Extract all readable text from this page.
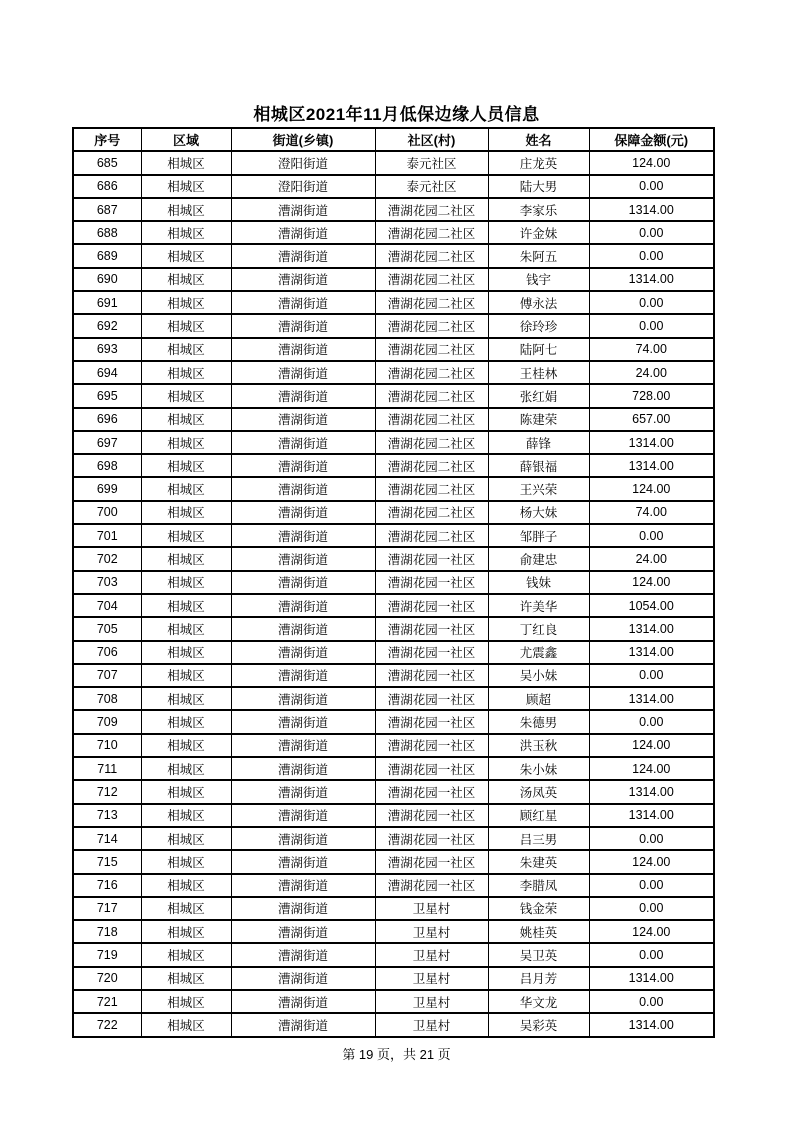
相城区2021年11月低保边缘人员信息
序号	区域	街道(乡镇)	社区(村)	姓名	保障金额(元)
685	相城区	澄阳街道	泰元社区	庄龙英	124.00
686	相城区	澄阳街道	泰元社区	陆大男	0.00
687	相城区	漕湖街道	漕湖花园二社区	李家乐	1314.00
688	相城区	漕湖街道	漕湖花园二社区	许金妹	0.00
689	相城区	漕湖街道	漕湖花园二社区	朱阿五	0.00
690	相城区	漕湖街道	漕湖花园二社区	钱宇	1314.00
691	相城区	漕湖街道	漕湖花园二社区	傅永法	0.00
692	相城区	漕湖街道	漕湖花园二社区	徐玲珍	0.00
693	相城区	漕湖街道	漕湖花园二社区	陆阿七	74.00
694	相城区	漕湖街道	漕湖花园二社区	王桂林	24.00
695	相城区	漕湖街道	漕湖花园二社区	张红娟	728.00
696	相城区	漕湖街道	漕湖花园二社区	陈建荣	657.00
697	相城区	漕湖街道	漕湖花园二社区	薛锋	1314.00
698	相城区	漕湖街道	漕湖花园二社区	薛银福	1314.00
699	相城区	漕湖街道	漕湖花园二社区	王兴荣	124.00
700	相城区	漕湖街道	漕湖花园二社区	杨大妹	74.00
701	相城区	漕湖街道	漕湖花园二社区	邹胖子	0.00
702	相城区	漕湖街道	漕湖花园一社区	俞建忠	24.00
703	相城区	漕湖街道	漕湖花园一社区	钱妹	124.00
704	相城区	漕湖街道	漕湖花园一社区	许美华	1054.00
705	相城区	漕湖街道	漕湖花园一社区	丁红良	1314.00
706	相城区	漕湖街道	漕湖花园一社区	尤震鑫	1314.00
707	相城区	漕湖街道	漕湖花园一社区	吴小妹	0.00
708	相城区	漕湖街道	漕湖花园一社区	顾超	1314.00
709	相城区	漕湖街道	漕湖花园一社区	朱德男	0.00
710	相城区	漕湖街道	漕湖花园一社区	洪玉秋	124.00
711	相城区	漕湖街道	漕湖花园一社区	朱小妹	124.00
712	相城区	漕湖街道	漕湖花园一社区	汤凤英	1314.00
713	相城区	漕湖街道	漕湖花园一社区	顾红星	1314.00
714	相城区	漕湖街道	漕湖花园一社区	吕三男	0.00
715	相城区	漕湖街道	漕湖花园一社区	朱建英	124.00
716	相城区	漕湖街道	漕湖花园一社区	李腊凤	0.00
717	相城区	漕湖街道	卫星村	钱金荣	0.00
718	相城区	漕湖街道	卫星村	姚桂英	124.00
719	相城区	漕湖街道	卫星村	吴卫英	0.00
720	相城区	漕湖街道	卫星村	吕月芳	1314.00
721	相城区	漕湖街道	卫星村	华文龙	0.00
722	相城区	漕湖街道	卫星村	吴彩英	1314.00
第 19 页，共 21 页
